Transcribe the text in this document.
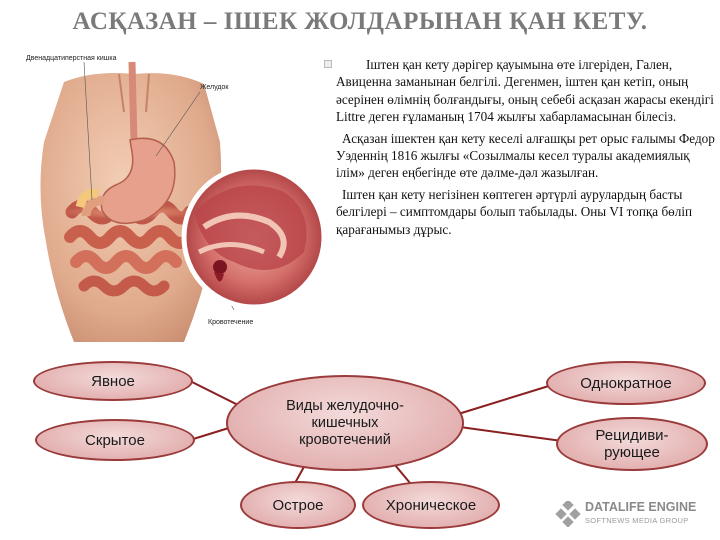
АСҚАЗАН – ІШЕК ЖОЛДАРЫНАН ҚАН КЕТУ.
Двенадцатиперстная кишка
Желудок
Кровотечение

Іштен қан кету дәрігер қауымына өте ілгеріден, Гален, Авиценна заманынан белгілі. Дегенмен, іштен қан кетіп, оның әсерінен өлімнің болғандығы, оның себебі асқазан жарасы екендігі Littre деген ғұламаның 1704 жылғы хабарламасынан білесіз.

Асқазан ішектен қан кету кеселі алғашқы рет орыс ғалымы Федор Уэденнің 1816 жылғы «Созылмалы кесел туралы академиялық ілім» деген еңбегінде өте дәлме-дәл жазылған.

Іштен қан кету негізінен көптеген әртүрлі аурулардың басты белгілері – симптомдары болып табылады. Оны VI топқа бөліп қарағанымыз дұрыс.

Явное
Скрытое
Виды желудочно-
кишечных
кровотечений
Острое	Хроническое
Однократное
Рецидиви-
рующее
DATALIFE ENGINE
SOFTNEWS MEDIA GROUP
